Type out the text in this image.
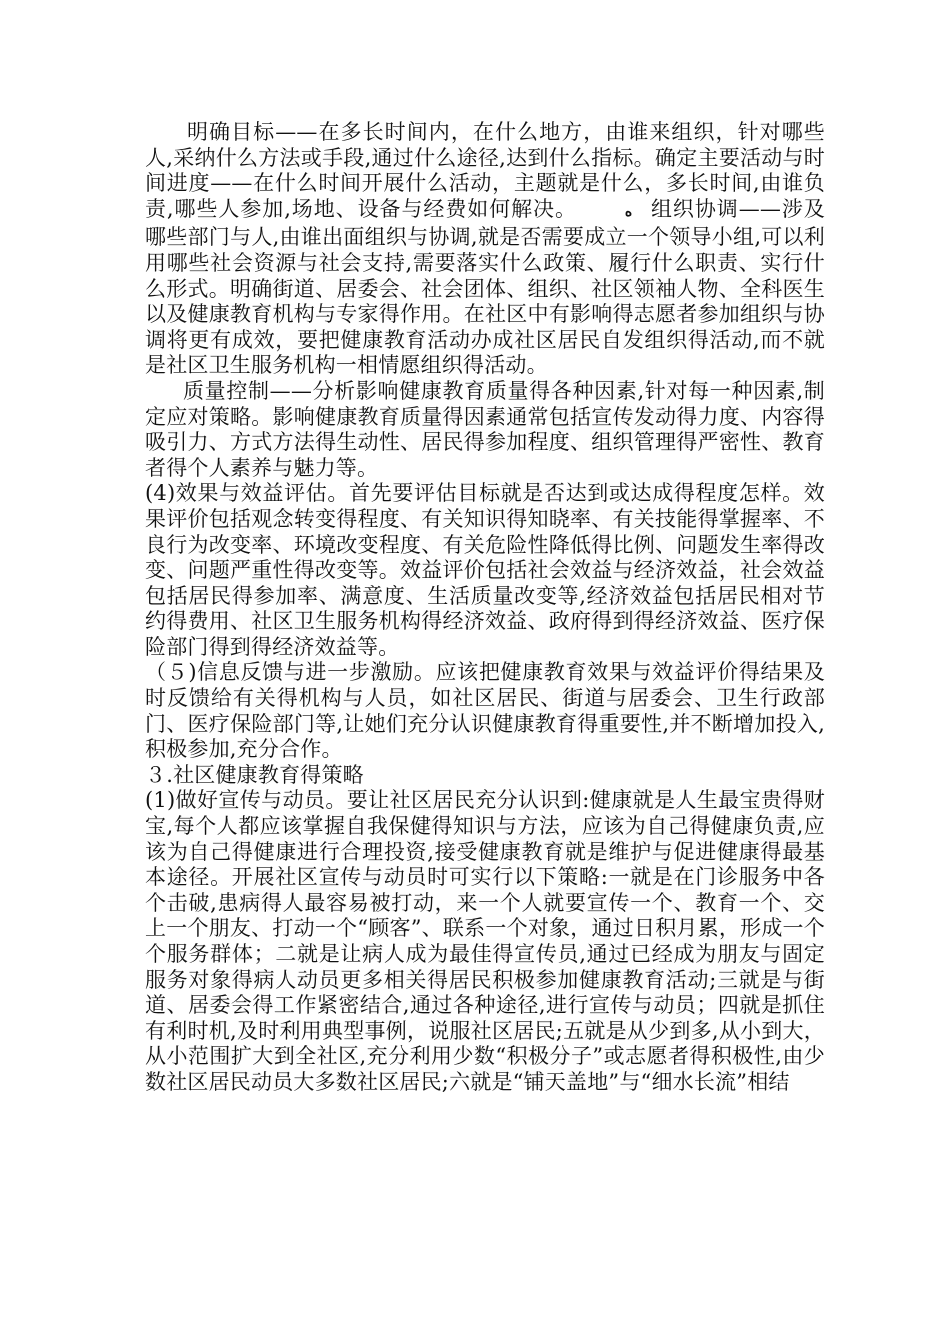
明确目标——在多长时间内，在什么地方，由谁来组织，针对哪些人,采纳什么方法或手段,通过什么途径,达到什么指标。确定主要活动与时间进度——在什么时间开展什么活动，主题就是什么，多长时间,由谁负责,哪些人参加,场地、设备与经费如何解决。	ه 组织协调——涉及哪些部门与人,由谁出面组织与协调,就是否需要成立一个领导小组,可以利用哪些社会资源与社会支持,需要落实什么政策、履行什么职责、实行什么形式。明确街道、居委会、社会团体、组织、社区领袖人物、全科医生以及健康教育机构与专家得作用。在社区中有影响得志愿者参加组织与协调将更有成效，要把健康教育活动办成社区居民自发组织得活动,而不就是社区卫生服务机构一相情愿组织得活动。

质量控制——分析影响健康教育质量得各种因素,针对每一种因素,制定应对策略。影响健康教育质量得因素通常包括宣传发动得力度、内容得吸引力、方式方法得生动性、居民得参加程度、组织管理得严密性、教育者得个人素养与魅力等。

(4)效果与效益评估。首先要评估目标就是否达到或达成得程度怎样。效果评价包括观念转变得程度、有关知识得知晓率、有关技能得掌握率、不良行为改变率、环境改变程度、有关危险性降低得比例、问题发生率得改变、问题严重性得改变等。效益评价包括社会效益与经济效益，社会效益包括居民得参加率、满意度、生活质量改变等,经济效益包括居民相对节约得费用、社区卫生服务机构得经济效益、政府得到得经济效益、医疗保险部门得到得经济效益等。

（５)信息反馈与进一步激励。应该把健康教育效果与效益评价得结果及时反馈给有关得机构与人员，如社区居民、街道与居委会、卫生行政部门、医疗保险部门等,让她们充分认识健康教育得重要性,并不断增加投入,积极参加,充分合作。

３.社区健康教育得策略

(1)做好宣传与动员。要让社区居民充分认识到:健康就是人生最宝贵得财宝,每个人都应该掌握自我保健得知识与方法，应该为自己得健康负责,应该为自己得健康进行合理投资,接受健康教育就是维护与促进健康得最基本途径。开展社区宣传与动员时可实行以下策略:一就是在门诊服务中各个击破,患病得人最容易被打动，来一个人就要宣传一个、教育一个、交上一个朋友、打动一个“顾客”、联系一个对象，通过日积月累，形成一个个服务群体；二就是让病人成为最佳得宣传员,通过已经成为朋友与固定服务对象得病人动员更多相关得居民积极参加健康教育活动;三就是与街道、居委会得工作紧密结合,通过各种途径,进行宣传与动员；四就是抓住有利时机,及时利用典型事例，说服社区居民;五就是从少到多,从小到大，从小范围扩大到全社区,充分利用少数“积极分子”或志愿者得积极性,由少数社区居民动员大多数社区居民;六就是“铺天盖地”与“细水长流”相结
